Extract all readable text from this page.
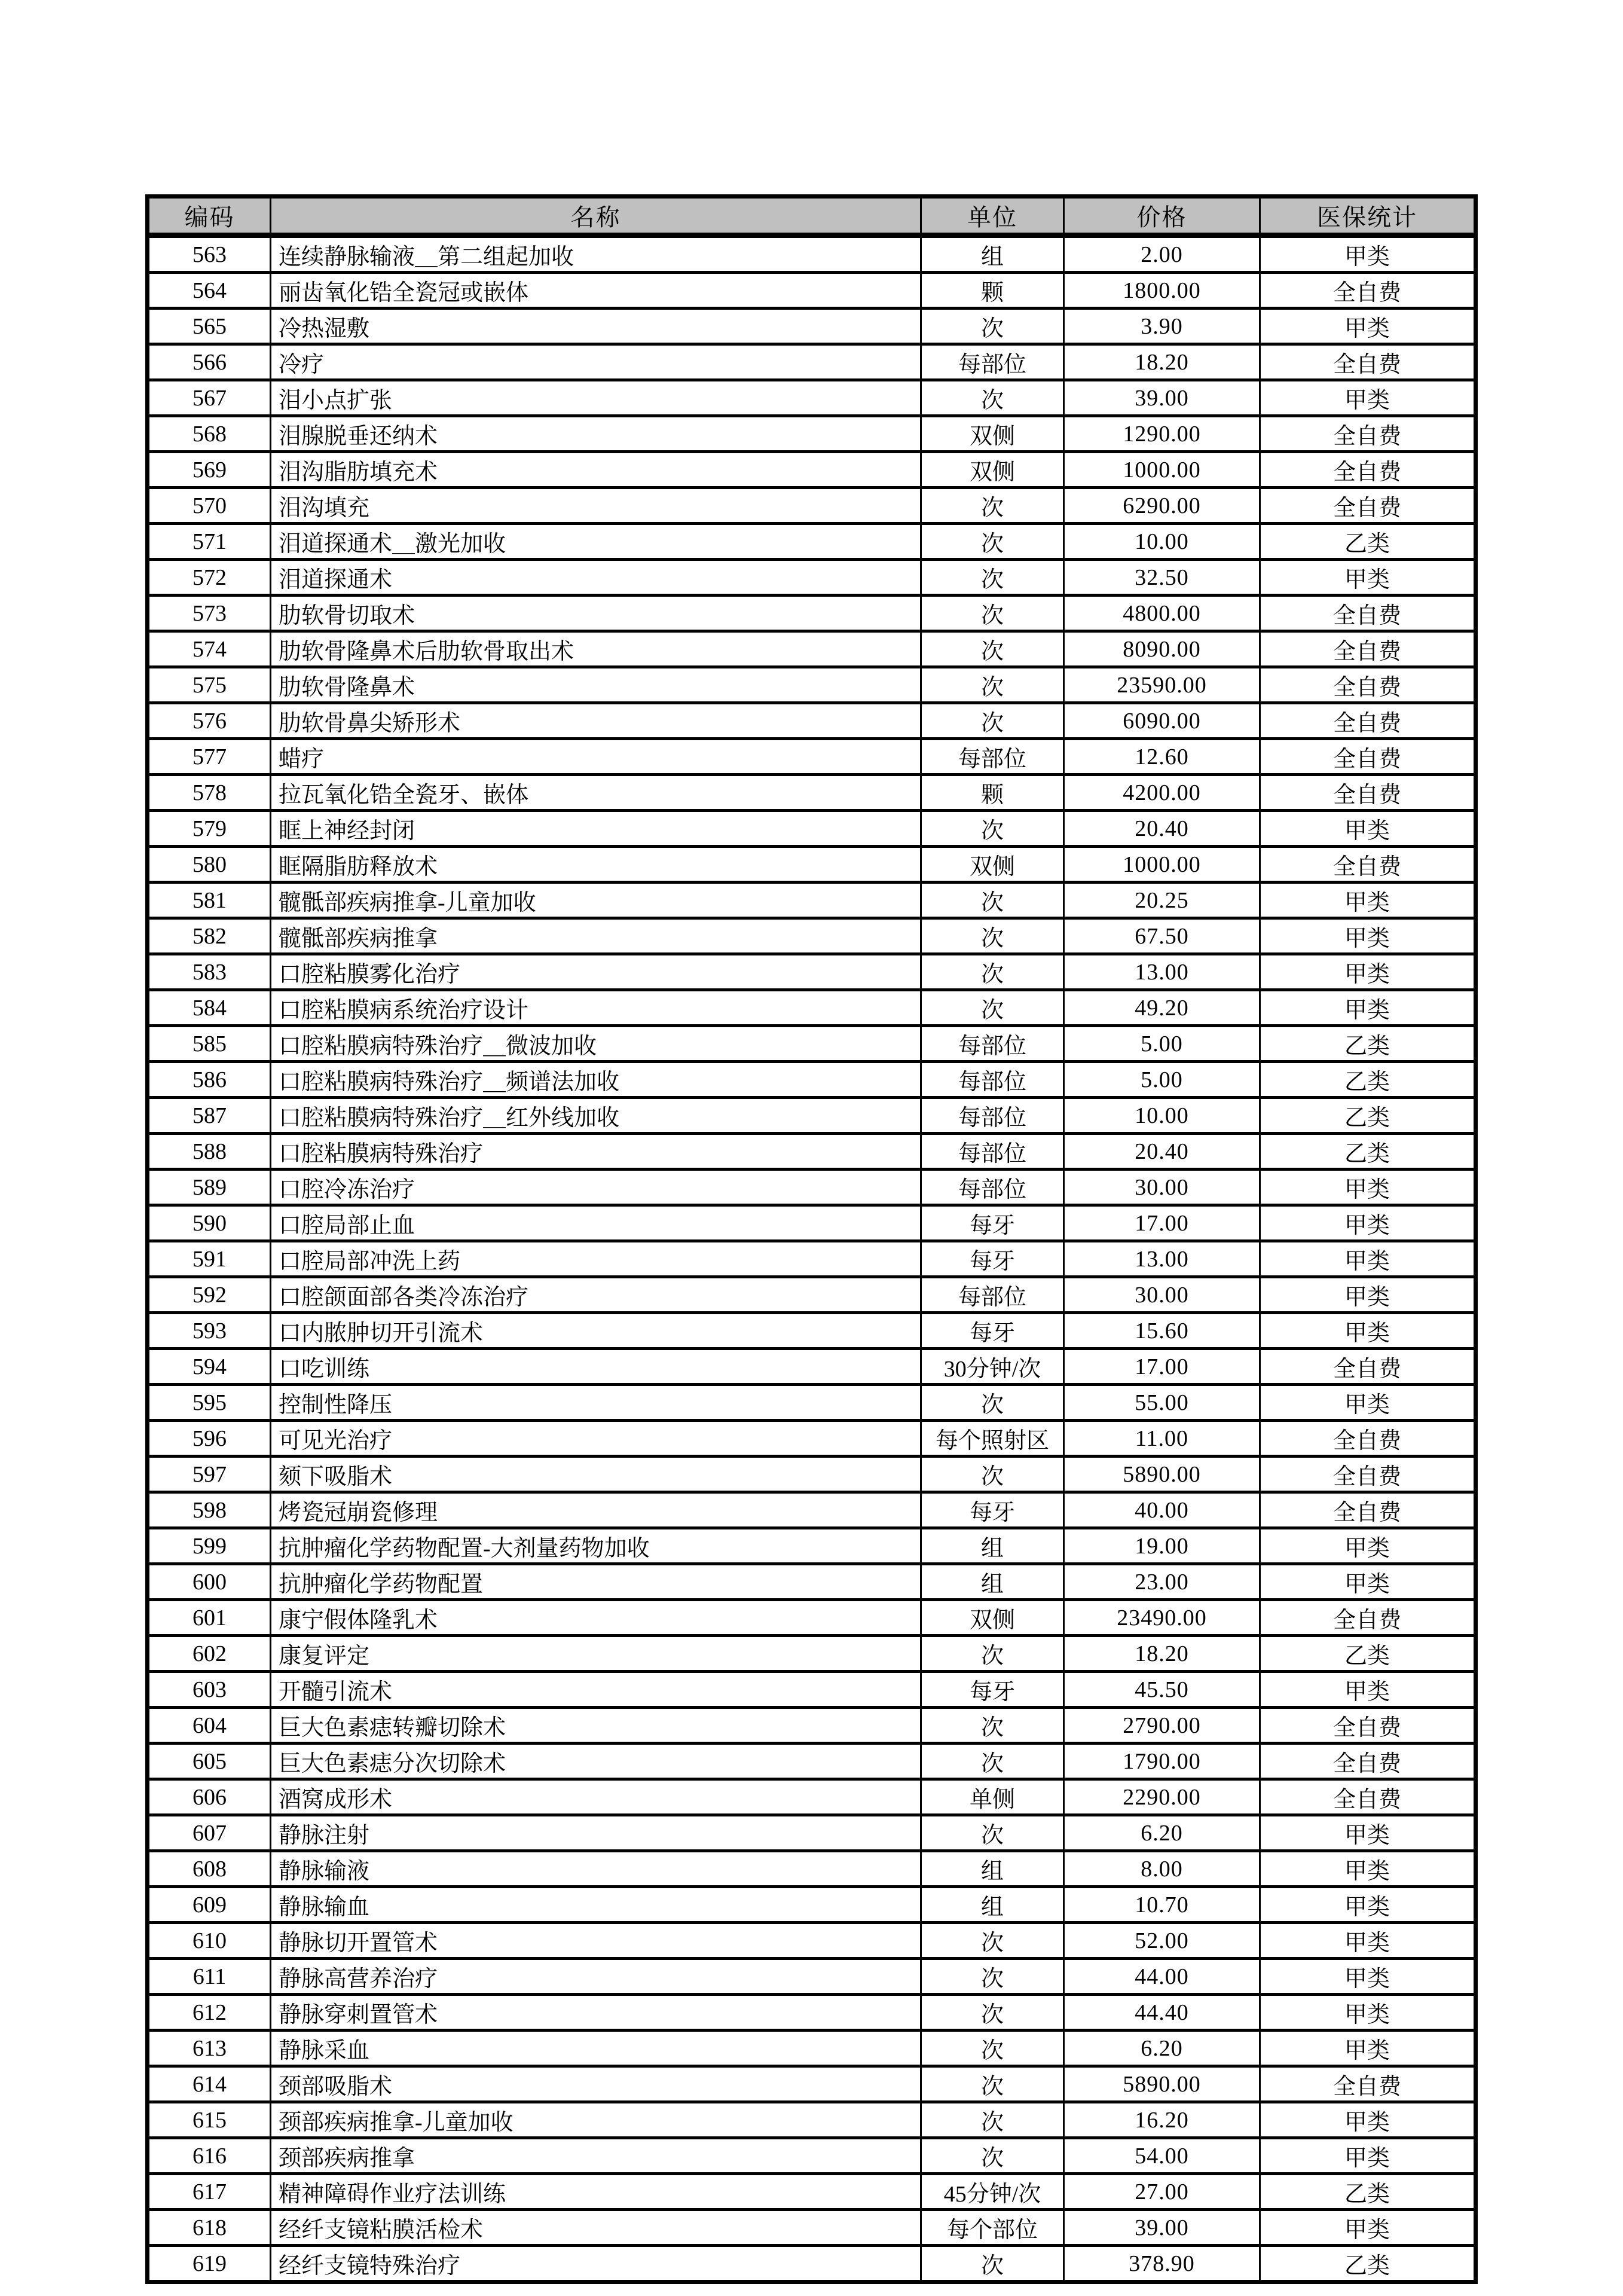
编码	名称	单位	价格	医保统计
563	连续静脉输液＿第二组起加收	组	2.00	甲类
564	丽齿氧化锆全瓷冠或嵌体	颗	1800.00	全自费
565	冷热湿敷	次	3.90	甲类
566	冷疗	每部位	18.20	全自费
567	泪小点扩张	次	39.00	甲类
568	泪腺脱垂还纳术	双侧	1290.00	全自费
569	泪沟脂肪填充术	双侧	1000.00	全自费
570	泪沟填充	次	6290.00	全自费
571	泪道探通术＿激光加收	次	10.00	乙类
572	泪道探通术	次	32.50	甲类
573	肋软骨切取术	次	4800.00	全自费
574	肋软骨隆鼻术后肋软骨取出术	次	8090.00	全自费
575	肋软骨隆鼻术	次	23590.00	全自费
576	肋软骨鼻尖矫形术	次	6090.00	全自费
577	蜡疗	每部位	12.60	全自费
578	拉瓦氧化锆全瓷牙、嵌体	颗	4200.00	全自费
579	眶上神经封闭	次	20.40	甲类
580	眶隔脂肪释放术	双侧	1000.00	全自费
581	髋骶部疾病推拿-儿童加收	次	20.25	甲类
582	髋骶部疾病推拿	次	67.50	甲类
583	口腔粘膜雾化治疗	次	13.00	甲类
584	口腔粘膜病系统治疗设计	次	49.20	甲类
585	口腔粘膜病特殊治疗＿微波加收	每部位	5.00	乙类
586	口腔粘膜病特殊治疗＿频谱法加收	每部位	5.00	乙类
587	口腔粘膜病特殊治疗＿红外线加收	每部位	10.00	乙类
588	口腔粘膜病特殊治疗	每部位	20.40	乙类
589	口腔冷冻治疗	每部位	30.00	甲类
590	口腔局部止血	每牙	17.00	甲类
591	口腔局部冲洗上药	每牙	13.00	甲类
592	口腔颌面部各类冷冻治疗	每部位	30.00	甲类
593	口内脓肿切开引流术	每牙	15.60	甲类
594	口吃训练	30分钟/次	17.00	全自费
595	控制性降压	次	55.00	甲类
596	可见光治疗	每个照射区	11.00	全自费
597	颏下吸脂术	次	5890.00	全自费
598	烤瓷冠崩瓷修理	每牙	40.00	全自费
599	抗肿瘤化学药物配置-大剂量药物加收	组	19.00	甲类
600	抗肿瘤化学药物配置	组	23.00	甲类
601	康宁假体隆乳术	双侧	23490.00	全自费
602	康复评定	次	18.20	乙类
603	开髓引流术	每牙	45.50	甲类
604	巨大色素痣转瓣切除术	次	2790.00	全自费
605	巨大色素痣分次切除术	次	1790.00	全自费
606	酒窝成形术	单侧	2290.00	全自费
607	静脉注射	次	6.20	甲类
608	静脉输液	组	8.00	甲类
609	静脉输血	组	10.70	甲类
610	静脉切开置管术	次	52.00	甲类
611	静脉高营养治疗	次	44.00	甲类
612	静脉穿刺置管术	次	44.40	甲类
613	静脉采血	次	6.20	甲类
614	颈部吸脂术	次	5890.00	全自费
615	颈部疾病推拿-儿童加收	次	16.20	甲类
616	颈部疾病推拿	次	54.00	甲类
617	精神障碍作业疗法训练	45分钟/次	27.00	乙类
618	经纤支镜粘膜活检术	每个部位	39.00	甲类
619	经纤支镜特殊治疗	次	378.90	乙类
